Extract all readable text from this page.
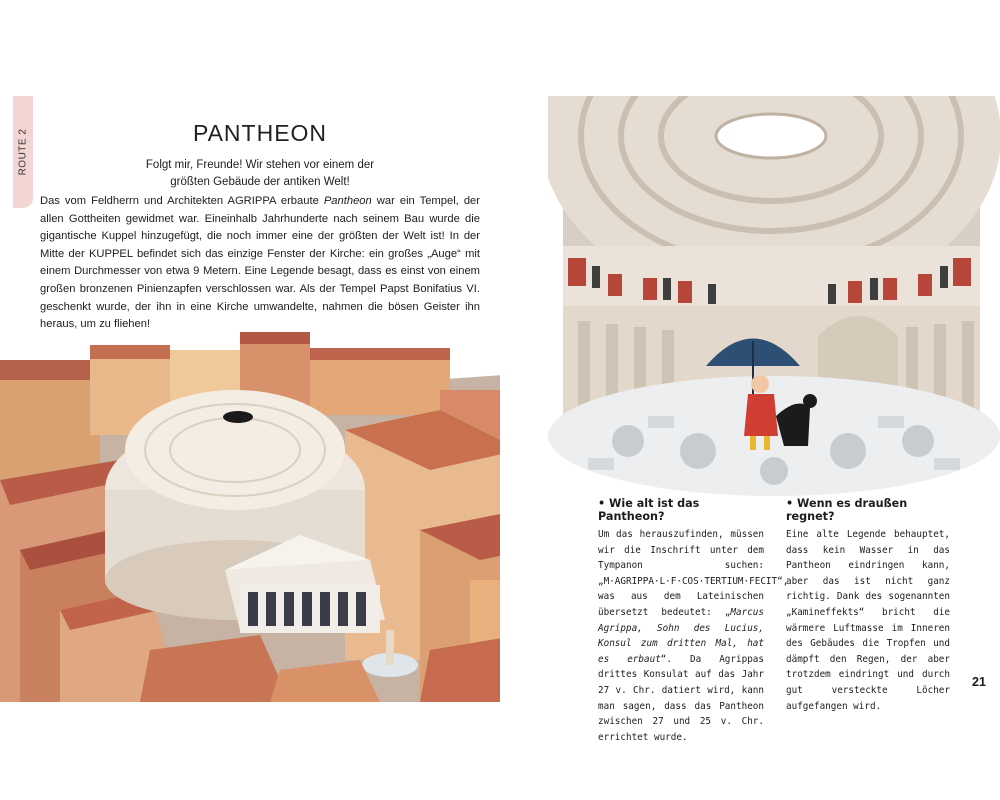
ROUTE 2	PANTHEON
Folgt mir, Freunde! Wir stehen vor einem der größten Gebäude der antiken Welt!
Das vom Feldherrn und Architekten AGRIPPA erbaute Pantheon war ein Tempel, der allen Gottheiten gewidmet war. Eineinhalb Jahrhunderte nach seinem Bau wurde die gigantische Kuppel hinzugefügt, die noch immer eine der größten der Welt ist! In der Mitte der KUPPEL befindet sich das einzige Fenster der Kirche: ein großes „Auge“ mit einem Durchmesser von etwa 9 Metern. Eine Legende besagt, dass es einst von einem großen bronzenen Pinienzapfen verschlossen war. Als der Tempel Papst Bonifatius VI. geschenkt wurde, der ihn in eine Kirche umwandelte, nahmen die bösen Geister ihn heraus, um zu fliehen!
• Wie alt ist das Pantheon?

Um das herauszufinden, müssen wir die Inschrift unter dem Tympanon suchen: „M·AGRIPPA·L·F·COS·TERTIUM·FECIT“, was aus dem Lateinischen übersetzt bedeutet: „Marcus Agrippa, Sohn des Lucius, Konsul zum dritten Mal, hat es erbaut“. Da Agrippas drittes Konsulat auf das Jahr 27 v. Chr. datiert wird, kann man sagen, dass das Pantheon zwischen 27 und 25 v. Chr. errichtet wurde.

• Wenn es draußen regnet?

Eine alte Legende behauptet, dass kein Wasser in das Pantheon eindringen kann, aber das ist nicht ganz richtig. Dank des sogenannten „Kamineffekts“ bricht die wärmere Luftmasse im Inneren des Gebäudes die Tropfen und dämpft den Regen, der aber trotzdem eindringt und durch gut versteckte Löcher aufgefangen wird.

21
